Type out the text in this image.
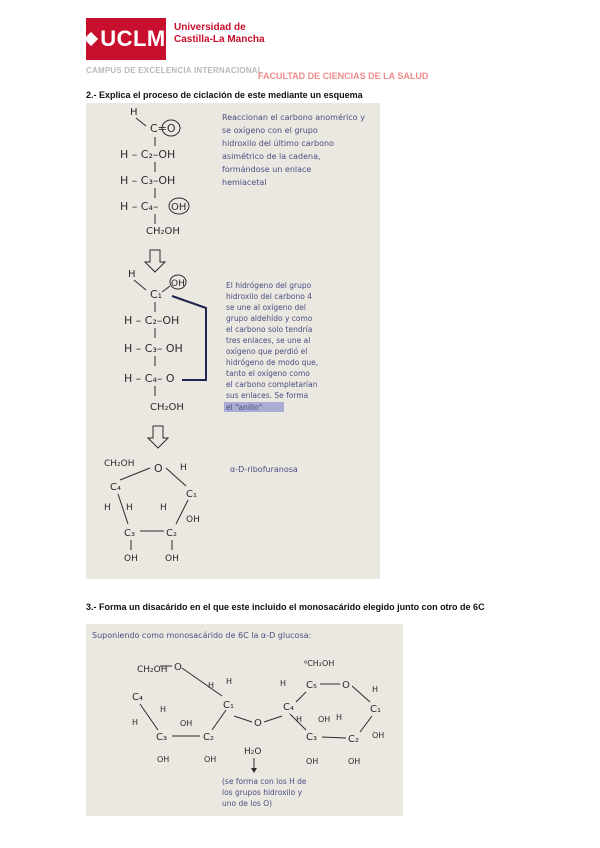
UCLM Universidad de
Castilla-La Mancha
CAMPUS DE EXCELENCIA INTERNACIONAL
FACULTAD DE CIENCIAS DE LA SALUD
2.- Explica el proceso de ciclación de este mediante un esquema
3.- Forma un disacárido en el que este incluido el monosacárido elegido junto con otro de 6C
H
C=O
H – C₂–OH
H – C₃–OH
H – C₄– OH
CH₂OH
Reaccionan el carbono anomérico y
se oxígeno con el grupo
hidroxilo del último carbono
asimétrico de la cadena,
formándose un enlace
hemiacetal
H
C₁
OH
H – C₂–OH
H – C₃– OH
H – C₄– O
CH₂OH
El hidrógeno del grupo
hidroxilo del carbono 4
se une al oxígeno del
grupo aldehído y como
el carbono solo tendría
tres enlaces, se une al
oxígeno que perdió el
hidrógeno de modo que,
tanto el oxígeno como
el carbono completarían
sus enlaces. Se forma
el "anillo"
CH₂OH O
C₄
C₁
C₃	C₂
H H	H
H
OH
OH	OH
α-D-ribofuranosa
Suponiendo como monosacárido de 6C la α-D glucosa:
CH₂OH O
C₄
C₁
C₃	C₂
H
H
H
H
OH
OH	OH
O
⁶CH₂OH
C₅	O
C₄	C₁
C₃	C₂
H
H
H	H
OH
OH
OH	OH
H₂O
(se forma con los H de
los grupos hidroxilo y
uno de los O)
